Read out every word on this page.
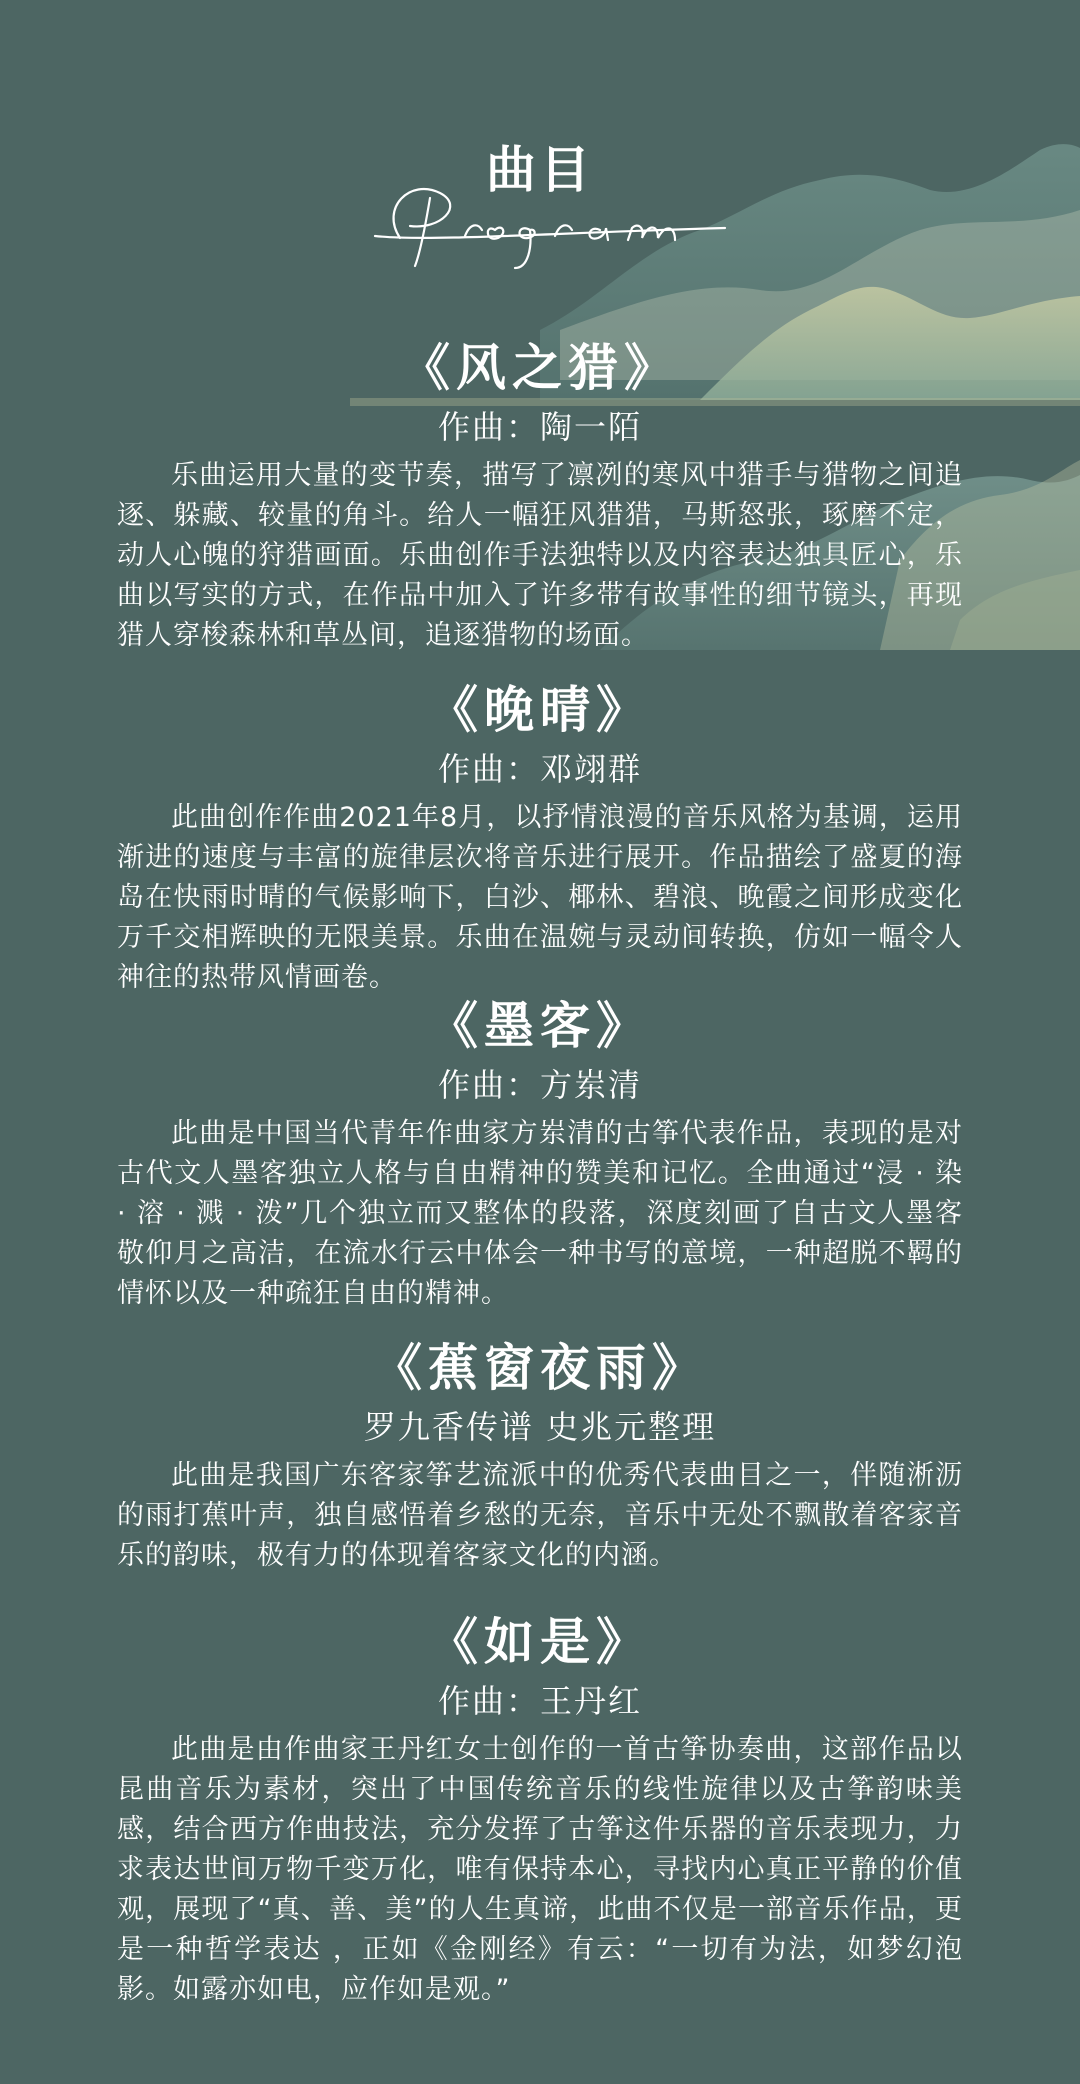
曲目
《风之猎》
作曲：陶一陌
乐曲运用大量的变节奏，描写了凛冽的寒风中猎手与猎物之间追逐、躲藏、较量的角斗。给人一幅狂风猎猎，马斯怒张，琢磨不定，动人心魄的狩猎画面。乐曲创作手法独特以及内容表达独具匠心，乐曲以写实的方式，在作品中加入了许多带有故事性的细节镜头，再现猎人穿梭森林和草丛间，追逐猎物的场面。
《晚晴》
作曲：邓翊群
此曲创作作曲2021年8月，以抒情浪漫的音乐风格为基调，运用渐进的速度与丰富的旋律层次将音乐进行展开。作品描绘了盛夏的海岛在快雨时晴的气候影响下，白沙、椰林、碧浪、晚霞之间形成变化万千交相辉映的无限美景。乐曲在温婉与灵动间转换，仿如一幅令人神往的热带风情画卷。
《墨客》
作曲：方岽清
此曲是中国当代青年作曲家方岽清的古筝代表作品，表现的是对古代文人墨客独立人格与自由精神的赞美和记忆。全曲通过“浸 · 染 · 溶 · 溅 · 泼”几个独立而又整体的段落，深度刻画了自古文人墨客敬仰月之高洁，在流水行云中体会一种书写的意境，一种超脱不羁的情怀以及一种疏狂自由的精神。
《蕉窗夜雨》
罗九香传谱 史兆元整理
此曲是我国广东客家筝艺流派中的优秀代表曲目之一，伴随淅沥的雨打蕉叶声，独自感悟着乡愁的无奈，音乐中无处不飘散着客家音乐的韵味，极有力的体现着客家文化的内涵。
《如是》
作曲：王丹红
此曲是由作曲家王丹红女士创作的一首古筝协奏曲，这部作品以昆曲音乐为素材，突出了中国传统音乐的线性旋律以及古筝韵味美感，结合西方作曲技法，充分发挥了古筝这件乐器的音乐表现力，力求表达世间万物千变万化，唯有保持本心，寻找内心真正平静的价值观，展现了“真、善、美”的人生真谛，此曲不仅是一部音乐作品，更是一种哲学表达 ，正如《金刚经》有云：“一切有为法，如梦幻泡影。如露亦如电，应作如是观。”
